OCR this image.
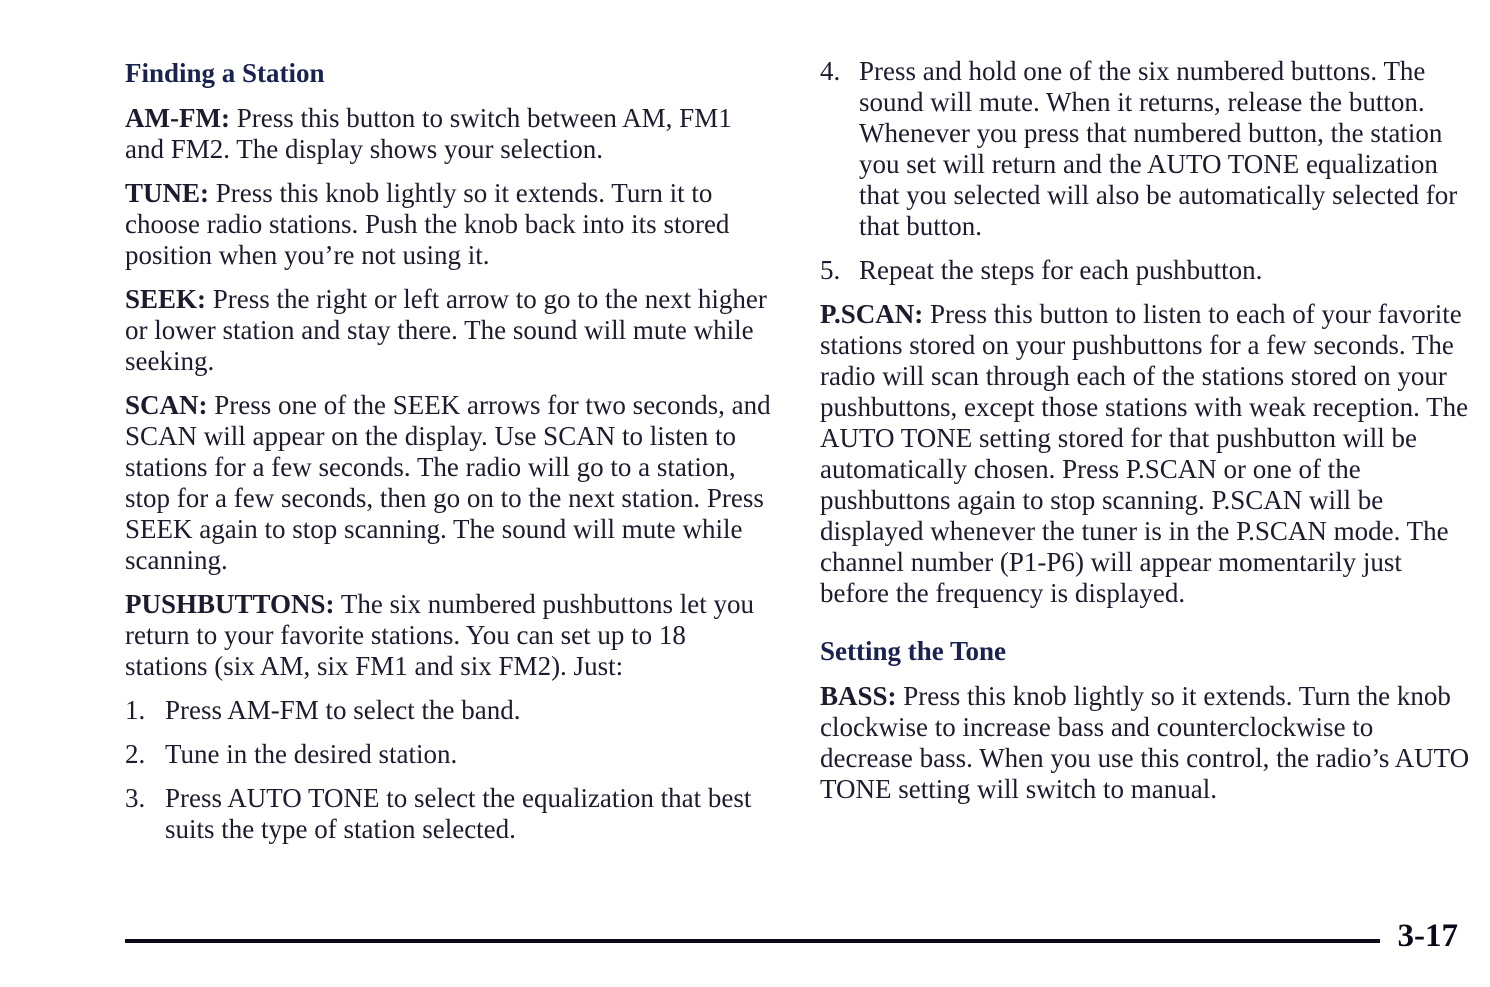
Finding a Station

AM-FM: Press this button to switch between AM, FM1 and FM2. The display shows your selection.

TUNE: Press this knob lightly so it extends. Turn it to choose radio stations. Push the knob back into its stored position when you’re not using it.

SEEK: Press the right or left arrow to go to the next higher or lower station and stay there. The sound will mute while seeking.

SCAN: Press one of the SEEK arrows for two seconds, and SCAN will appear on the display. Use SCAN to listen to stations for a few seconds. The radio will go to a station, stop for a few seconds, then go on to the next station. Press SEEK again to stop scanning. The sound will mute while scanning.

PUSHBUTTONS: The six numbered pushbuttons let you return to your favorite stations. You can set up to 18 stations (six AM, six FM1 and six FM2). Just:

1. Press AM-FM to select the band.
2. Tune in the desired station.
3. Press AUTO TONE to select the equalization that best suits the type of station selected.
4. Press and hold one of the six numbered buttons. The sound will mute. When it returns, release the button. Whenever you press that numbered button, the station you set will return and the AUTO TONE equalization that you selected will also be automatically selected for that button.
5. Repeat the steps for each pushbutton.

P.SCAN: Press this button to listen to each of your favorite stations stored on your pushbuttons for a few seconds. The radio will scan through each of the stations stored on your pushbuttons, except those stations with weak reception. The AUTO TONE setting stored for that pushbutton will be automatically chosen. Press P.SCAN or one of the pushbuttons again to stop scanning. P.SCAN will be displayed whenever the tuner is in the P.SCAN mode. The channel number (P1-P6) will appear momentarily just before the frequency is displayed.

Setting the Tone

BASS: Press this knob lightly so it extends. Turn the knob clockwise to increase bass and counterclockwise to decrease bass. When you use this control, the radio’s AUTO TONE setting will switch to manual.

3-17
